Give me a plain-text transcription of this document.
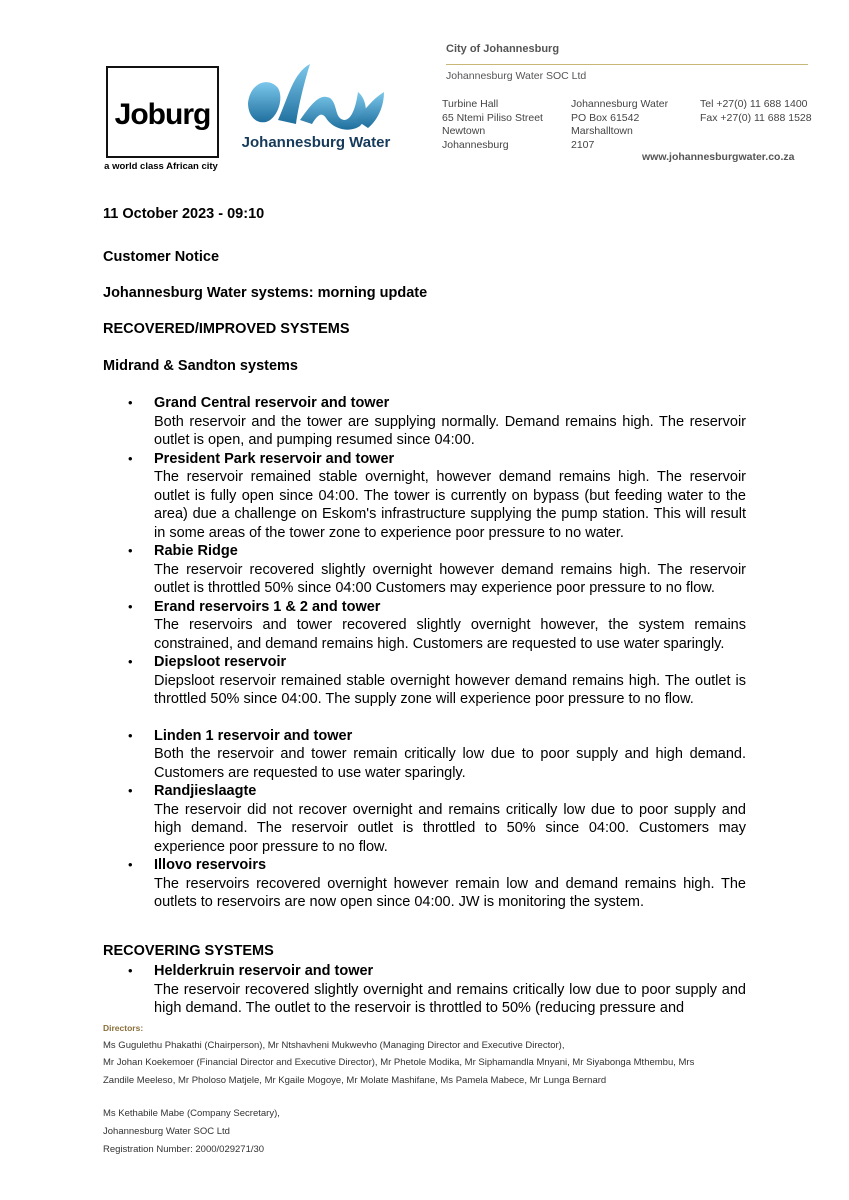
Joburg
a world class African city
Johannesburg Water
City of Johannesburg
Johannesburg Water SOC Ltd
Turbine Hall
65 Ntemi Piliso Street
Newtown
Johannesburg
Johannesburg Water
PO Box 61542
Marshalltown
2107
Tel +27(0) 11 688 1400
Fax +27(0) 11 688 1528
www.johannesburgwater.co.za
11 October 2023 - 09:10
Customer Notice
Johannesburg Water systems: morning update
RECOVERED/IMPROVED SYSTEMS
Midrand & Sandton systems
• Grand Central reservoir and tower
Both reservoir and the tower are supplying normally. Demand remains high. The reservoir outlet is open, and pumping resumed since 04:00.
• President Park reservoir and tower
The reservoir remained stable overnight, however demand remains high. The reservoir outlet is fully open since 04:00. The tower is currently on bypass (but feeding water to the area) due a challenge on Eskom's infrastructure supplying the pump station. This will result in some areas of the tower zone to experience poor pressure to no water.
• Rabie Ridge
The reservoir recovered slightly overnight however demand remains high. The reservoir outlet is throttled 50% since 04:00 Customers may experience poor pressure to no flow.
• Erand reservoirs 1 & 2 and tower
The reservoirs and tower recovered slightly overnight however, the system remains constrained, and demand remains high. Customers are requested to use water sparingly.
• Diepsloot reservoir
Diepsloot reservoir remained stable overnight however demand remains high. The outlet is throttled 50% since 04:00. The supply zone will experience poor pressure to no flow.
• Linden 1 reservoir and tower
Both the reservoir and tower remain critically low due to poor supply and high demand. Customers are requested to use water sparingly.
• Randjieslaagte
The reservoir did not recover overnight and remains critically low due to poor supply and high demand. The reservoir outlet is throttled to 50% since 04:00. Customers may experience poor pressure to no flow.
• Illovo reservoirs
The reservoirs recovered overnight however remain low and demand remains high. The outlets to reservoirs are now open since 04:00. JW is monitoring the system.
RECOVERING SYSTEMS
• Helderkruin reservoir and tower
The reservoir recovered slightly overnight and remains critically low due to poor supply and high demand. The outlet to the reservoir is throttled to 50% (reducing pressure and
Directors:
Ms Gugulethu Phakathi (Chairperson), Mr Ntshavheni Mukwevho (Managing Director and Executive Director),
Mr Johan Koekemoer (Financial Director and Executive Director), Mr Phetole Modika, Mr Siphamandla Mnyani, Mr Siyabonga Mthembu, Mrs
Zandile Meeleso, Mr Pholoso Matjele, Mr Kgaile Mogoye, Mr Molate Mashifane, Ms Pamela Mabece, Mr Lunga Bernard
Ms Kethabile Mabe (Company Secretary),
Johannesburg Water SOC Ltd
Registration Number: 2000/029271/30
